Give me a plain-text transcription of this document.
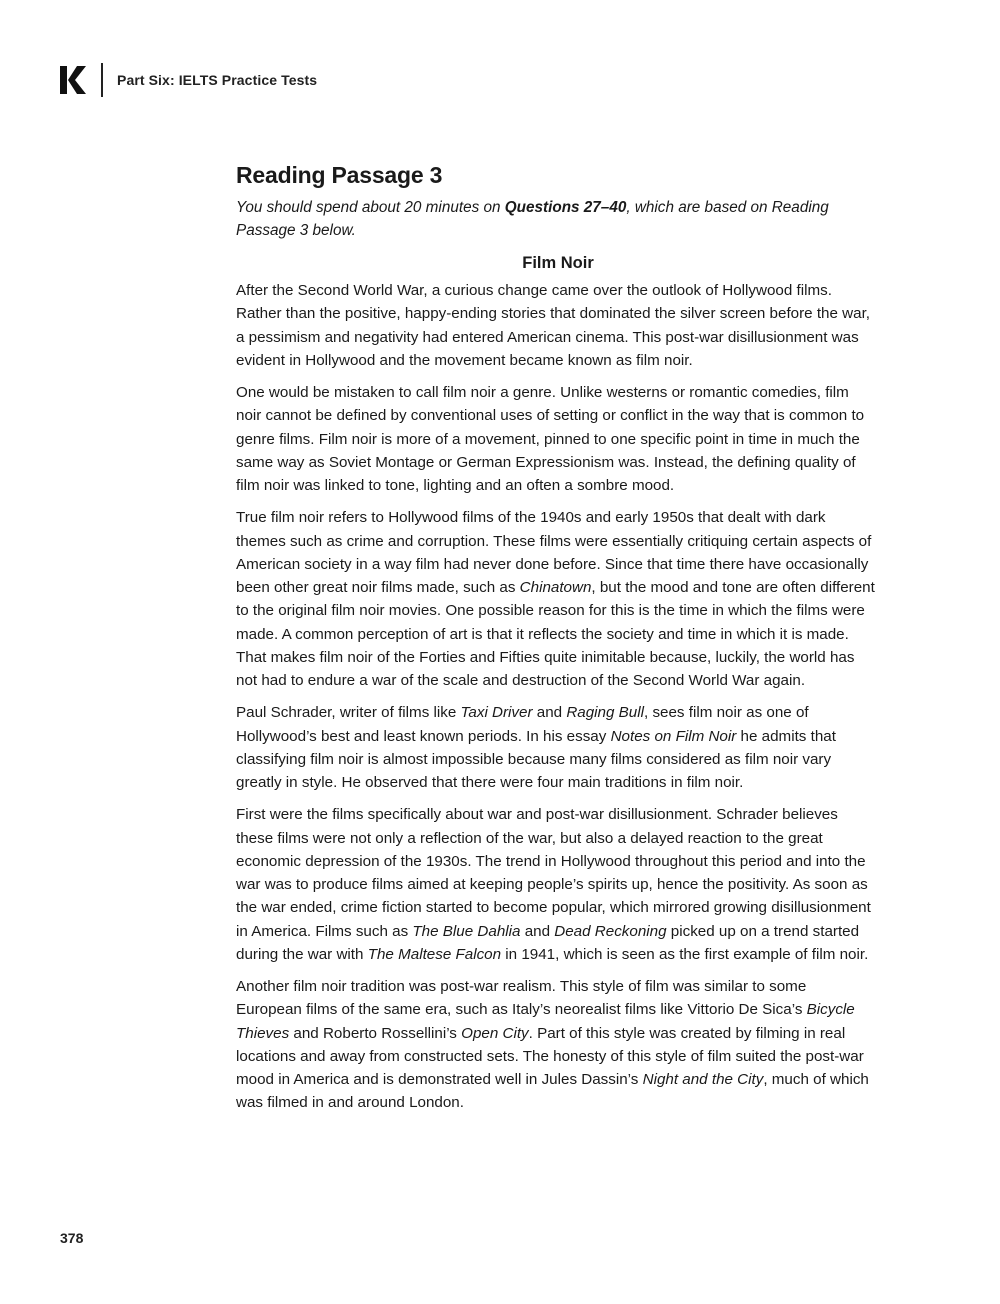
Part Six: IELTS Practice Tests
Reading Passage 3

You should spend about 20 minutes on Questions 27–40, which are based on Reading Passage 3 below.

Film Noir

After the Second World War, a curious change came over the outlook of Hollywood films. Rather than the positive, happy-ending stories that dominated the silver screen before the war, a pessimism and negativity had entered American cinema. This post-war disillusionment was evident in Hollywood and the movement became known as film noir.

One would be mistaken to call film noir a genre. Unlike westerns or romantic comedies, film noir cannot be defined by conventional uses of setting or conflict in the way that is common to genre films. Film noir is more of a movement, pinned to one specific point in time in much the same way as Soviet Montage or German Expressionism was. Instead, the defining quality of film noir was linked to tone, lighting and an often a sombre mood.

True film noir refers to Hollywood films of the 1940s and early 1950s that dealt with dark themes such as crime and corruption. These films were essentially critiquing certain aspects of American society in a way film had never done before. Since that time there have occasionally been other great noir films made, such as Chinatown, but the mood and tone are often different to the original film noir movies. One possible reason for this is the time in which the films were made. A common perception of art is that it reflects the society and time in which it is made. That makes film noir of the Forties and Fifties quite inimitable because, luckily, the world has not had to endure a war of the scale and destruction of the Second World War again.

Paul Schrader, writer of films like Taxi Driver and Raging Bull, sees film noir as one of Hollywood’s best and least known periods. In his essay Notes on Film Noir he admits that classifying film noir is almost impossible because many films considered as film noir vary greatly in style. He observed that there were four main traditions in film noir.

First were the films specifically about war and post-war disillusionment. Schrader believes these films were not only a reflection of the war, but also a delayed reaction to the great economic depression of the 1930s. The trend in Hollywood throughout this period and into the war was to produce films aimed at keeping people’s spirits up, hence the positivity. As soon as the war ended, crime fiction started to become popular, which mirrored growing disillusionment in America. Films such as The Blue Dahlia and Dead Reckoning picked up on a trend started during the war with The Maltese Falcon in 1941, which is seen as the first example of film noir.

Another film noir tradition was post-war realism. This style of film was similar to some European films of the same era, such as Italy’s neorealist films like Vittorio De Sica’s Bicycle Thieves and Roberto Rossellini’s Open City. Part of this style was created by filming in real locations and away from constructed sets. The honesty of this style of film suited the post-war mood in America and is demonstrated well in Jules Dassin’s Night and the City, much of which was filmed in and around London.

378
